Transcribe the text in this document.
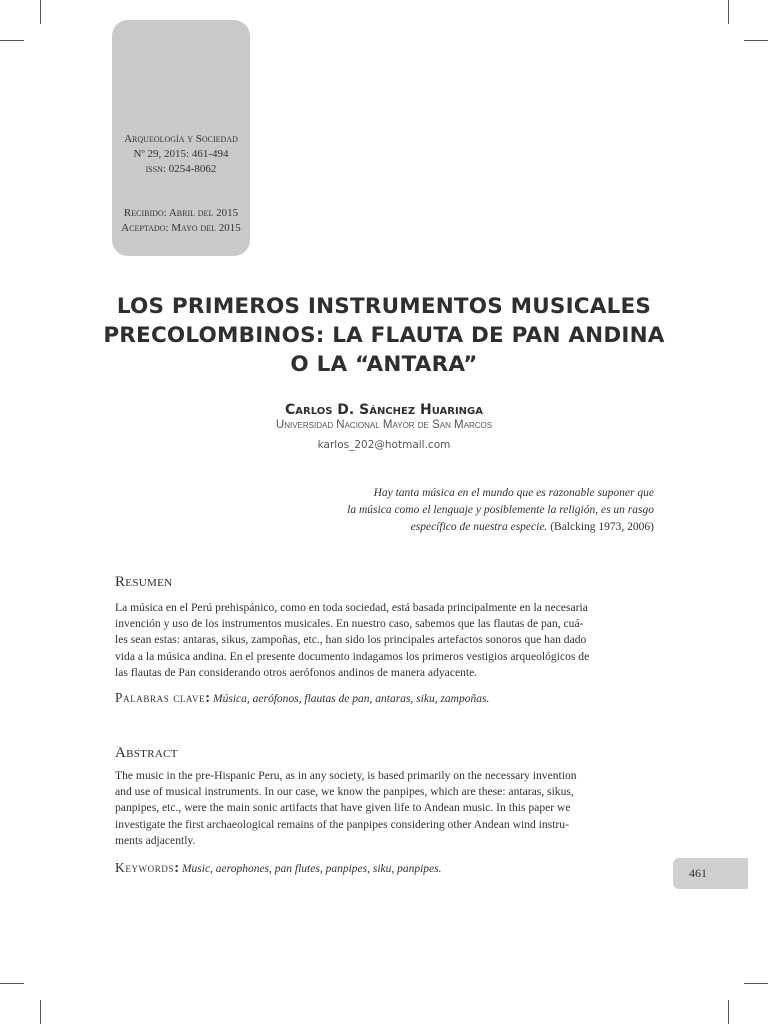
Arqueología y Sociedad
Nº 29, 2015: 461-494
issn: 0254-8062
Recibido: Abril del 2015
Aceptado: Mayo del 2015
LOS PRIMEROS INSTRUMENTOS MUSICALES
PRECOLOMBINOS: LA FLAUTA DE PAN ANDINA
O LA “ANTARA”
Carlos D. Sánchez Huaringa
Universidad Nacional Mayor de San Marcos
karlos_202@hotmail.com
Hay tanta música en el mundo que es razonable suponer que
la música como el lenguaje y posiblemente la religión, es un rasgo
específico de nuestra especie. (Balcking 1973, 2006)
Resumen
La música en el Perú prehispánico, como en toda sociedad, está basada principalmente en la necesaria
invención y uso de los instrumentos musicales. En nuestro caso, sabemos que las flautas de pan, cuá-
les sean estas: antaras, sikus, zampoñas, etc., han sido los principales artefactos sonoros que han dado
vida a la música andina. En el presente documento indagamos los primeros vestigios arqueológicos de
las flautas de Pan considerando otros aerófonos andinos de manera adyacente.
Palabras clave: Música, aerófonos, flautas de pan, antaras, siku, zampoñas.
Abstract
The music in the pre-Hispanic Peru, as in any society, is based primarily on the necessary invention
and use of musical instruments. In our case, we know the panpipes, which are these: antaras, sikus,
panpipes, etc., were the main sonic artifacts that have given life to Andean music. In this paper we
investigate the first archaeological remains of the panpipes considering other Andean wind instru-
ments adjacently.
Keywords: Music, aerophones, pan flutes, panpipes, siku, panpipes.	461
